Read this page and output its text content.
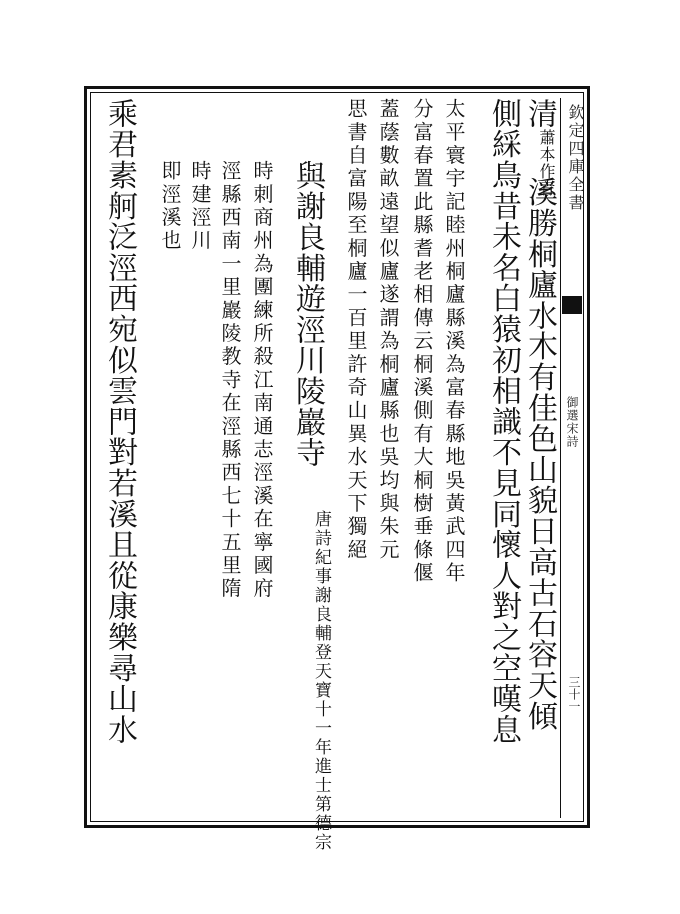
欽定四庫全書
御選宋詩
三十一
清蕭本作青溪勝桐廬水木有佳色山貌日高古石容天傾
側綵鳥昔未名白猿初相識不見同懷人對之空嘆息
太平寰宇記睦州桐廬縣溪為富春縣地吳黃武四年
分富春置此縣耆老相傳云桐溪側有大桐樹垂條偃
蓋蔭數畝遠望似廬遂謂為桐廬縣也吳均與朱元
思書自富陽至桐廬一百里許奇山異水天下獨絕
與謝良輔遊涇川陵巖寺
唐詩紀事謝良輔登天寶十一年進士第德宗
時刺商州為團練所殺江南通志涇溪在寧國府
涇縣西南一里巖陵教寺在涇縣西七十五里隋
時建涇川
即涇溪也
乘君素舸泛涇西宛似雲門對若溪且從康樂尋山水
